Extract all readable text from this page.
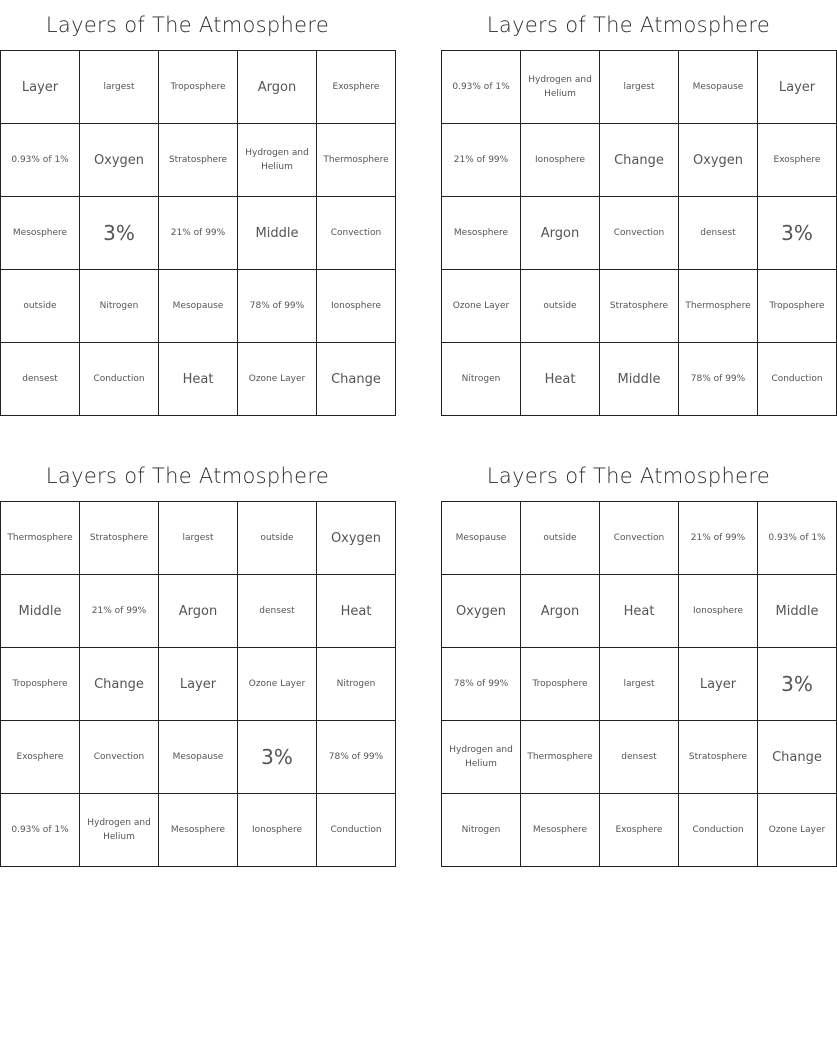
Layers of The Atmosphere
Layer	largest	Troposphere	Argon	Exosphere
0.93% of 1%	Oxygen	Stratosphere	Hydrogen and Helium	Thermosphere
Mesosphere	3%	21% of 99%	Middle	Convection
outside	Nitrogen	Mesopause	78% of 99%	Ionosphere
densest	Conduction	Heat	Ozone Layer	Change
Layers of The Atmosphere
0.93% of 1%	Hydrogen and Helium	largest	Mesopause	Layer
21% of 99%	Ionosphere	Change	Oxygen	Exosphere
Mesosphere	Argon	Convection	densest	3%
Ozone Layer	outside	Stratosphere	Thermosphere	Troposphere
Nitrogen	Heat	Middle	78% of 99%	Conduction
Layers of The Atmosphere
Thermosphere	Stratosphere	largest	outside	Oxygen
Middle	21% of 99%	Argon	densest	Heat
Troposphere	Change	Layer	Ozone Layer	Nitrogen
Exosphere	Convection	Mesopause	3%	78% of 99%
0.93% of 1%	Hydrogen and Helium	Mesosphere	Ionosphere	Conduction
Layers of The Atmosphere
Mesopause	outside	Convection	21% of 99%	0.93% of 1%
Oxygen	Argon	Heat	Ionosphere	Middle
78% of 99%	Troposphere	largest	Layer	3%
Hydrogen and Helium	Thermosphere	densest	Stratosphere	Change
Nitrogen	Mesosphere	Exosphere	Conduction	Ozone Layer
